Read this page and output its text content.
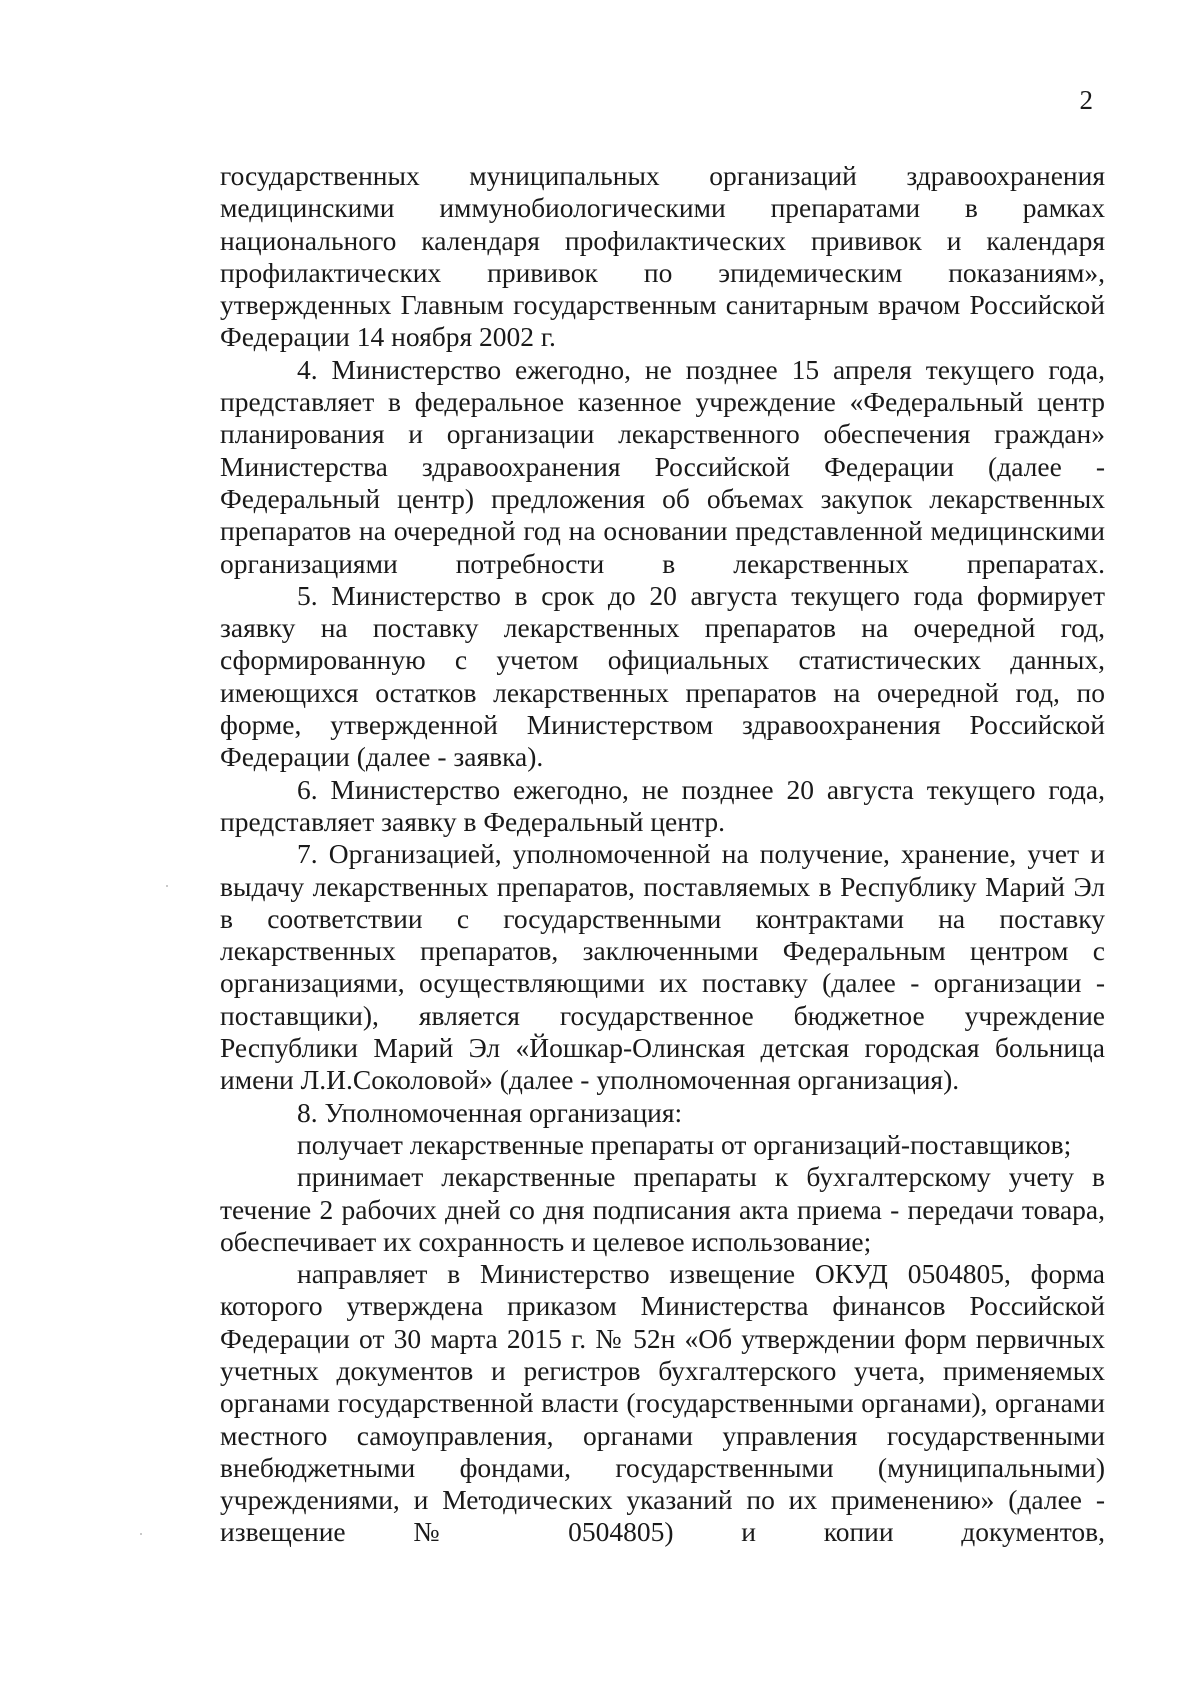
2

государственных муниципальных организаций здравоохранения медицинскими иммунобиологическими препаратами в рамках национального календаря профилактических прививок и календаря профилактических прививок по эпидемическим показаниям», утвержденных Главным государственным санитарным врачом Российской Федерации 14 ноября 2002 г.

4. Министерство ежегодно, не позднее 15 апреля текущего года, представляет в федеральное казенное учреждение «Федеральный центр планирования и организации лекарственного обеспечения граждан» Министерства здравоохранения Российской Федерации (далее - Федеральный центр) предложения об объемах закупок лекарственных препаратов на очередной год на основании представленной медицинскими организациями потребности в лекарственных препаратах.

5. Министерство в срок до 20 августа текущего года формирует заявку на поставку лекарственных препаратов на очередной год, сформированную с учетом официальных статистических данных, имеющихся остатков лекарственных препаратов на очередной год, по форме, утвержденной Министерством здравоохранения Российской Федерации (далее - заявка).

6. Министерство ежегодно, не позднее 20 августа текущего года, представляет заявку в Федеральный центр.

7. Организацией, уполномоченной на получение, хранение, учет и выдачу лекарственных препаратов, поставляемых в Республику Марий Эл в соответствии с государственными контрактами на поставку лекарственных препаратов, заключенными Федеральным центром с организациями, осуществляющими их поставку (далее - организации - поставщики), является государственное бюджетное учреждение Республики Марий Эл «Йошкар-Олинская детская городская больница имени Л.И.Соколовой» (далее - уполномоченная организация).

8. Уполномоченная организация:

получает лекарственные препараты от организаций-поставщиков;

принимает лекарственные препараты к бухгалтерскому учету в течение 2 рабочих дней со дня подписания акта приема - передачи товара, обеспечивает их сохранность и целевое использование;

направляет в Министерство извещение ОКУД 0504805, форма которого утверждена приказом Министерства финансов Российской Федерации от 30 марта 2015 г. № 52н «Об утверждении форм первичных учетных документов и регистров бухгалтерского учета, применяемых органами государственной власти (государственными органами), органами местного самоуправления, органами управления государственными внебюджетными фондами, государственными (муниципальными) учреждениями, и Методических указаний по их применению» (далее - извещение № 0504805) и копии документов,
